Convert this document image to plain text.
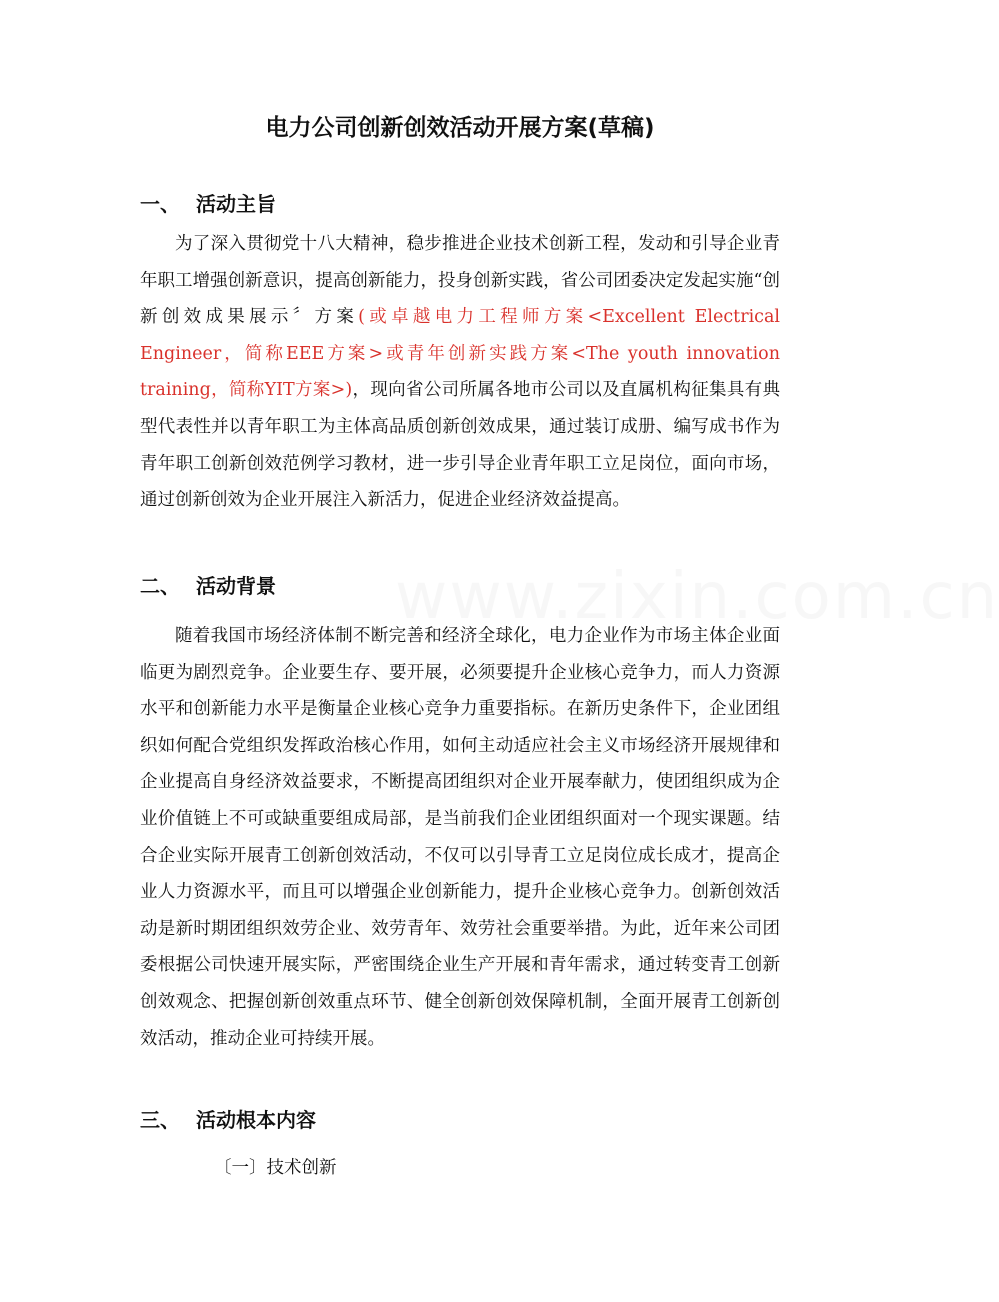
www.zixin.com.cn
电力公司创新创效活动开展方案(草稿)
一、 活动主旨
为了深入贯彻党十八大精神，稳步推进企业技术创新工程，发动和引导企业青年职工增强创新意识，提高创新能力，投身创新实践，省公司团委决定发起实施“创新创效成果展示〞方案(或卓越电力工程师方案<Excellent Electrical Engineer，简称EEE方案>或青年创新实践方案<The youth innovation training，简称YIT方案>)，现向省公司所属各地市公司以及直属机构征集具有典型代表性并以青年职工为主体高品质创新创效成果，通过装订成册、编写成书作为青年职工创新创效范例学习教材，进一步引导企业青年职工立足岗位，面向市场，通过创新创效为企业开展注入新活力，促进企业经济效益提高。
二、 活动背景
随着我国市场经济体制不断完善和经济全球化，电力企业作为市场主体企业面临更为剧烈竞争。企业要生存、要开展，必须要提升企业核心竞争力，而人力资源水平和创新能力水平是衡量企业核心竞争力重要指标。在新历史条件下，企业团组织如何配合党组织发挥政治核心作用，如何主动适应社会主义市场经济开展规律和企业提高自身经济效益要求，不断提高团组织对企业开展奉献力，使团组织成为企业价值链上不可或缺重要组成局部，是当前我们企业团组织面对一个现实课题。结合企业实际开展青工创新创效活动，不仅可以引导青工立足岗位成长成才，提高企业人力资源水平，而且可以增强企业创新能力，提升企业核心竞争力。创新创效活动是新时期团组织效劳企业、效劳青年、效劳社会重要举措。为此，近年来公司团委根据公司快速开展实际，严密围绕企业生产开展和青年需求，通过转变青工创新创效观念、把握创新创效重点环节、健全创新创效保障机制，全面开展青工创新创效活动，推动企业可持续开展。
三、 活动根本内容
〔一〕技术创新
